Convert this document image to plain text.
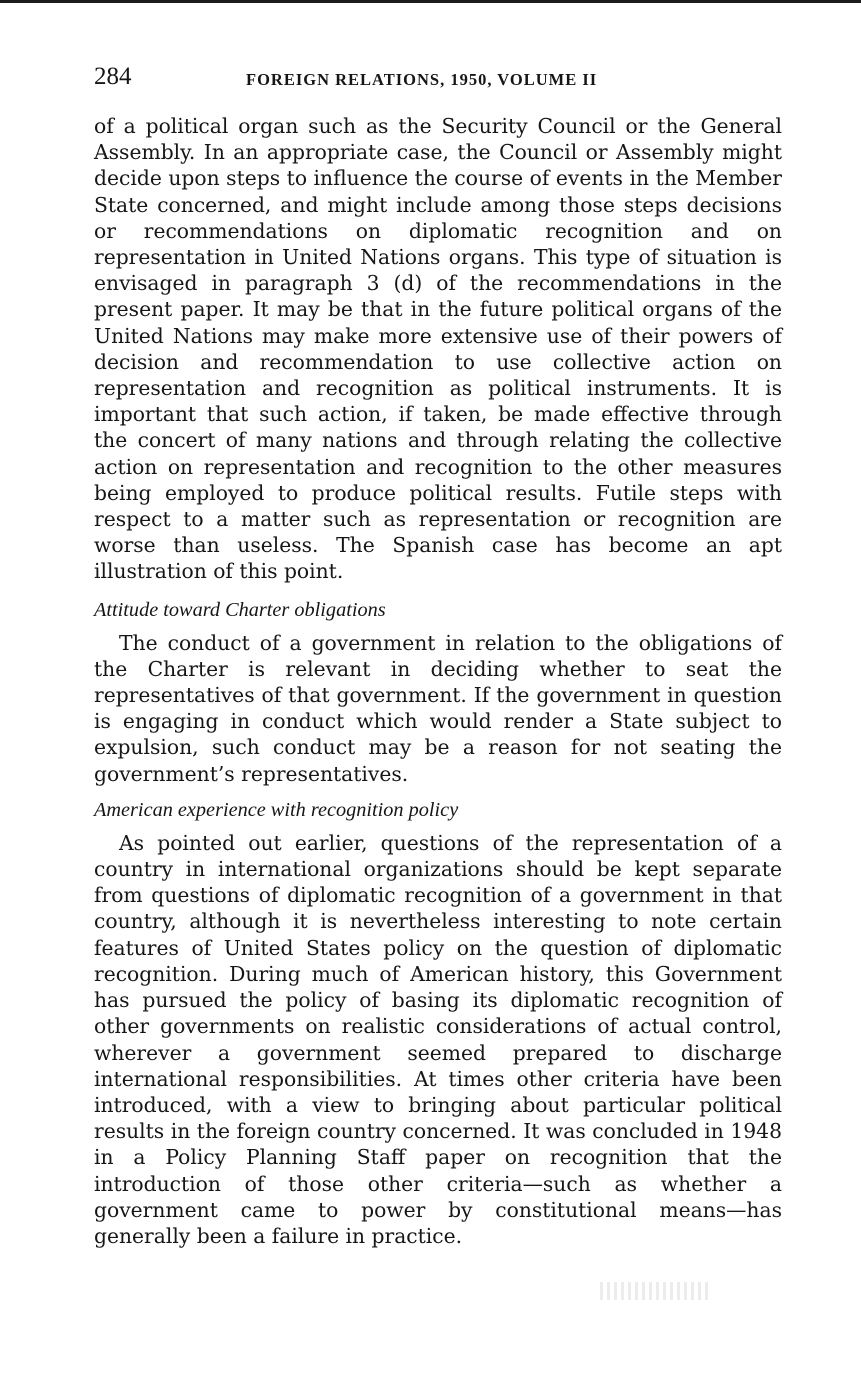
284	FOREIGN RELATIONS, 1950, VOLUME II

of a political organ such as the Security Council or the General Assembly. In an appropriate case, the Council or Assembly might decide upon steps to influence the course of events in the Member State concerned, and might include among those steps decisions or recommendations on diplomatic recognition and on representation in United Nations organs. This type of situation is envisaged in paragraph 3 (d) of the recommendations in the present paper. It may be that in the future political organs of the United Nations may make more extensive use of their powers of decision and recommendation to use collective action on representation and recognition as political instruments. It is important that such action, if taken, be made effective through the concert of many nations and through relating the collective action on representation and recognition to the other measures being employed to produce political results. Futile steps with respect to a matter such as representation or recognition are worse than useless. The Spanish case has become an apt illustration of this point.

Attitude toward Charter obligations

The conduct of a government in relation to the obligations of the Charter is relevant in deciding whether to seat the representatives of that government. If the government in question is engaging in conduct which would render a State subject to expulsion, such conduct may be a reason for not seating the government’s representatives.

American experience with recognition policy

As pointed out earlier, questions of the representation of a country in international organizations should be kept separate from questions of diplomatic recognition of a government in that country, although it is nevertheless interesting to note certain features of United States policy on the question of diplomatic recognition. During much of American history, this Government has pursued the policy of basing its diplomatic recognition of other governments on realistic considerations of actual control, wherever a government seemed prepared to discharge international responsibilities. At times other criteria have been introduced, with a view to bringing about particular political results in the foreign country concerned. It was concluded in 1948 in a Policy Planning Staff paper on recognition that the introduction of those other criteria—such as whether a government came to power by constitutional means—has generally been a failure in practice.
